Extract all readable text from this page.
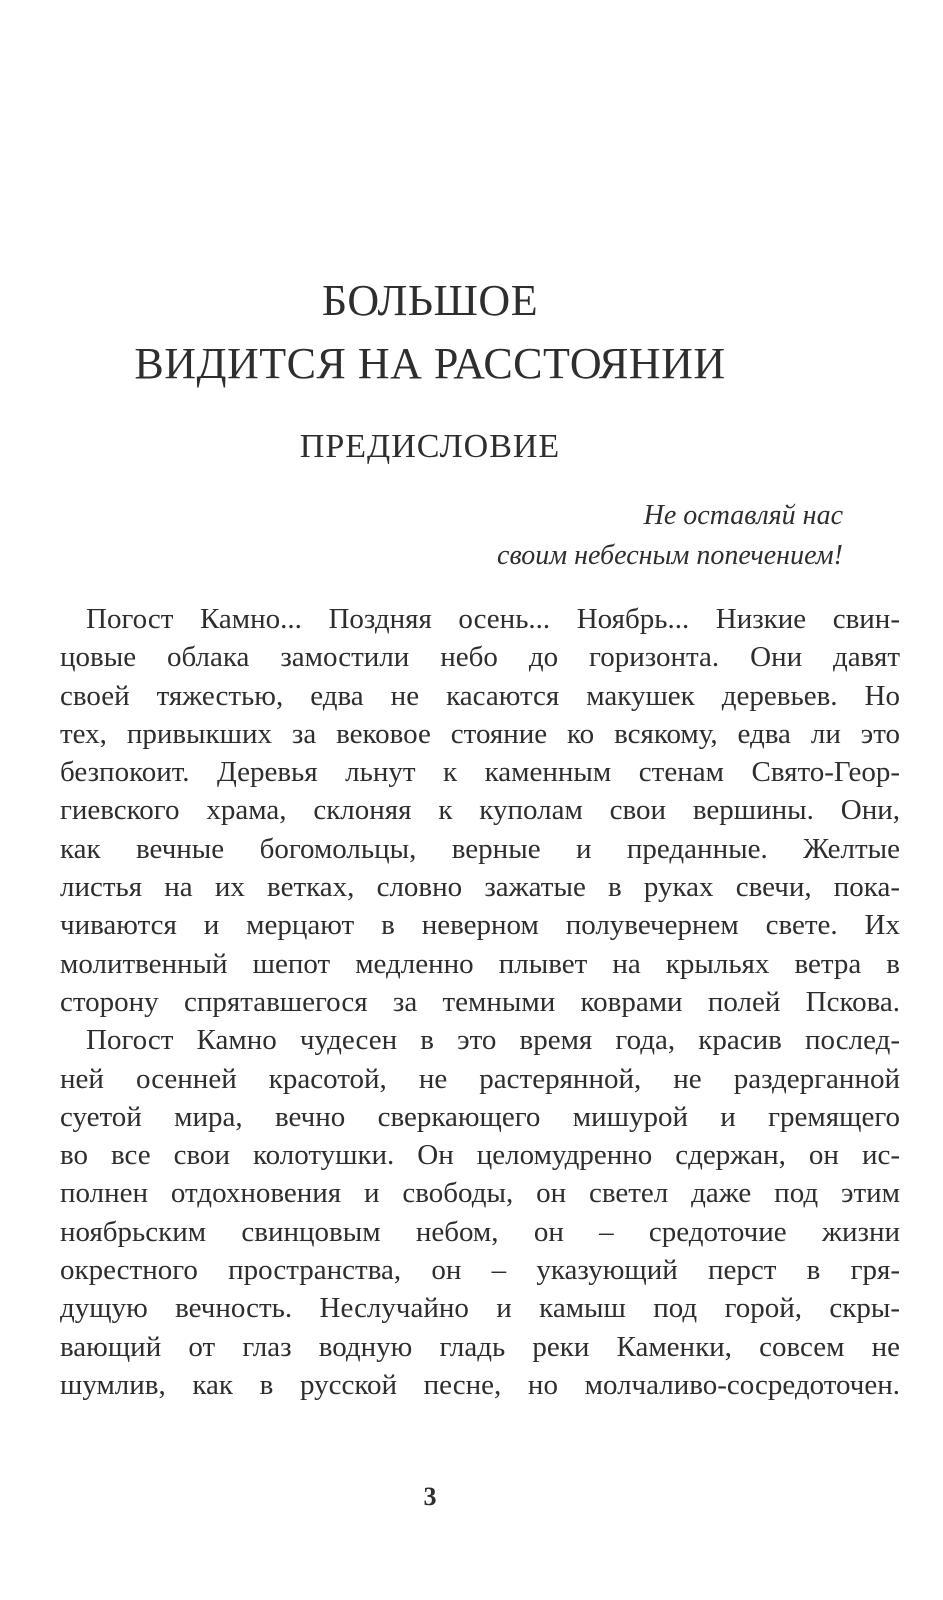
БОЛЬШОЕ
ВИДИТСЯ НА РАССТОЯНИИ
ПРЕДИСЛОВИЕ
Не оставляй нас
своим небесным попечением!
Погост Камно... Поздняя осень... Ноябрь... Низкие свин-
цовые облака замостили небо до горизонта. Они давят
своей тяжестью, едва не касаются макушек деревьев. Но
тех, привыкших за вековое стояние ко всякому, едва ли это
безпокоит. Деревья льнут к каменным стенам Свято-Геор-
гиевского храма, склоняя к куполам свои вершины. Они,
как вечные богомольцы, верные и преданные. Желтые
листья на их ветках, словно зажатые в руках свечи, пока-
чиваются и мерцают в неверном полувечернем свете. Их
молитвенный шепот медленно плывет на крыльях ветра в
сторону спрятавшегося за темными коврами полей Пскова.
Погост Камно чудесен в это время года, красив послед-
ней осенней красотой, не растерянной, не раздерганной
суетой мира, вечно сверкающего мишурой и гремящего
во все свои колотушки. Он целомудренно сдержан, он ис-
полнен отдохновения и свободы, он светел даже под этим
ноябрьским свинцовым небом, он – средоточие жизни
окрестного пространства, он – указующий перст в гря-
дущую вечность. Неслучайно и камыш под горой, скры-
вающий от глаз водную гладь реки Каменки, совсем не
шумлив, как в русской песне, но молчаливо-сосредоточен.
3
